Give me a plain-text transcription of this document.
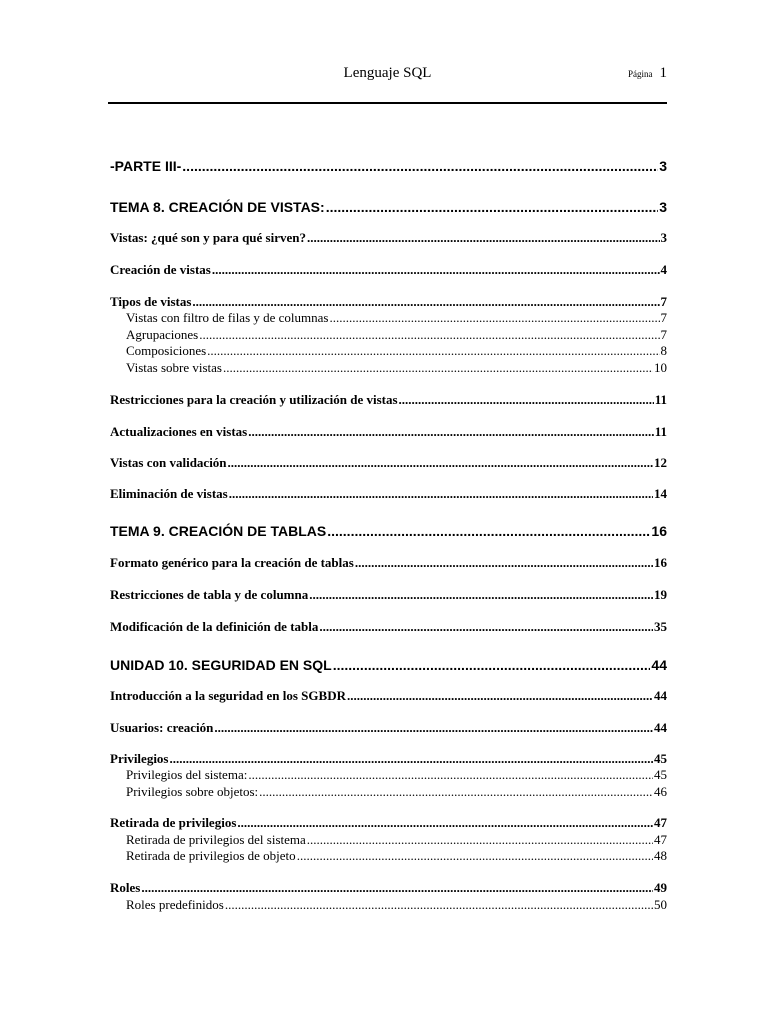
Lenguaje SQL	Página 1
-PARTE III- .....	3
TEMA 8. CREACIÓN DE VISTAS: .....	3
Vistas: ¿qué son y para qué sirven? .....	3
Creación de vistas .....	4
Tipos de vistas .....	7
Vistas con filtro de filas y de columnas .....	7
Agrupaciones .....	7
Composiciones .....	8
Vistas sobre vistas .....	10
Restricciones para la creación y utilización de vistas .....	11
Actualizaciones en vistas .....	11
Vistas con validación .....	12
Eliminación de vistas .....	14
TEMA 9. CREACIÓN DE TABLAS .....	16
Formato genérico para la creación de tablas .....	16
Restricciones de tabla y de columna .....	19
Modificación de la definición de tabla .....	35
UNIDAD 10. SEGURIDAD EN SQL .....	44
Introducción a la seguridad en los SGBDR .....	44
Usuarios: creación .....	44
Privilegios .....	45
Privilegios del sistema: .....	45
Privilegios sobre objetos: .....	46
Retirada de privilegios .....	47
Retirada de privilegios del sistema .....	47
Retirada de privilegios de objeto .....	48
Roles .....	49
Roles predefinidos .....	50
